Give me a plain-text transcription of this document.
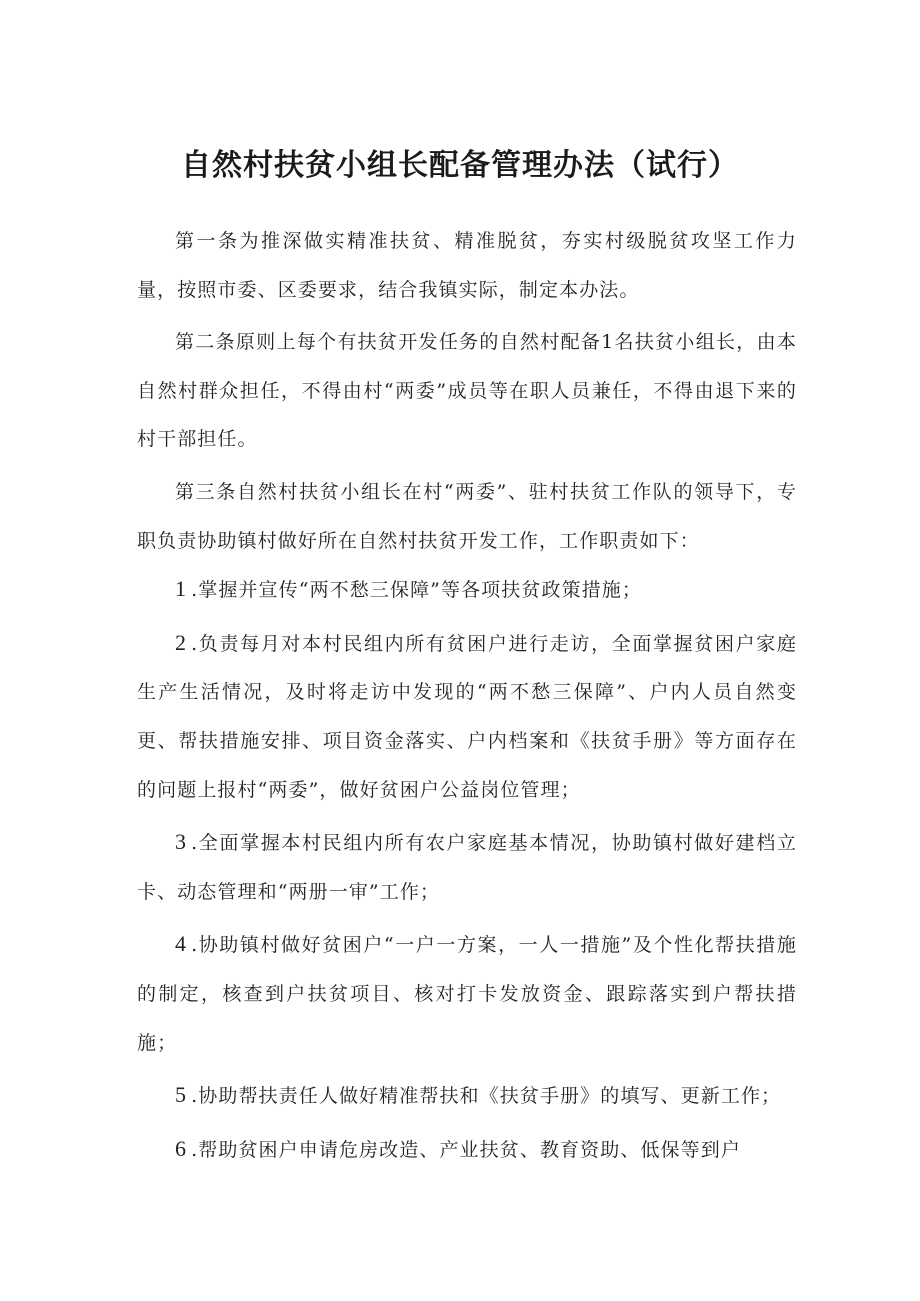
自然村扶贫小组长配备管理办法（试行）

第一条为推深做实精准扶贫、精准脱贫，夯实村级脱贫攻坚工作力量，按照市委、区委要求，结合我镇实际，制定本办法。

第二条原则上每个有扶贫开发任务的自然村配备1名扶贫小组长，由本自然村群众担任，不得由村“两委”成员等在职人员兼任，不得由退下来的村干部担任。

第三条自然村扶贫小组长在村“两委”、驻村扶贫工作队的领导下，专职负责协助镇村做好所在自然村扶贫开发工作，工作职责如下：

1 .掌握并宣传“两不愁三保障”等各项扶贫政策措施；

2 .负责每月对本村民组内所有贫困户进行走访，全面掌握贫困户家庭生产生活情况，及时将走访中发现的“两不愁三保障”、户内人员自然变更、帮扶措施安排、项目资金落实、户内档案和《扶贫手册》等方面存在的问题上报村“两委”，做好贫困户公益岗位管理；

3 .全面掌握本村民组内所有农户家庭基本情况，协助镇村做好建档立卡、动态管理和“两册一审”工作；

4 .协助镇村做好贫困户“一户一方案，一人一措施”及个性化帮扶措施的制定，核查到户扶贫项目、核对打卡发放资金、跟踪落实到户帮扶措施；

5 .协助帮扶责任人做好精准帮扶和《扶贫手册》的填写、更新工作；

6 .帮助贫困户申请危房改造、产业扶贫、教育资助、低保等到户
